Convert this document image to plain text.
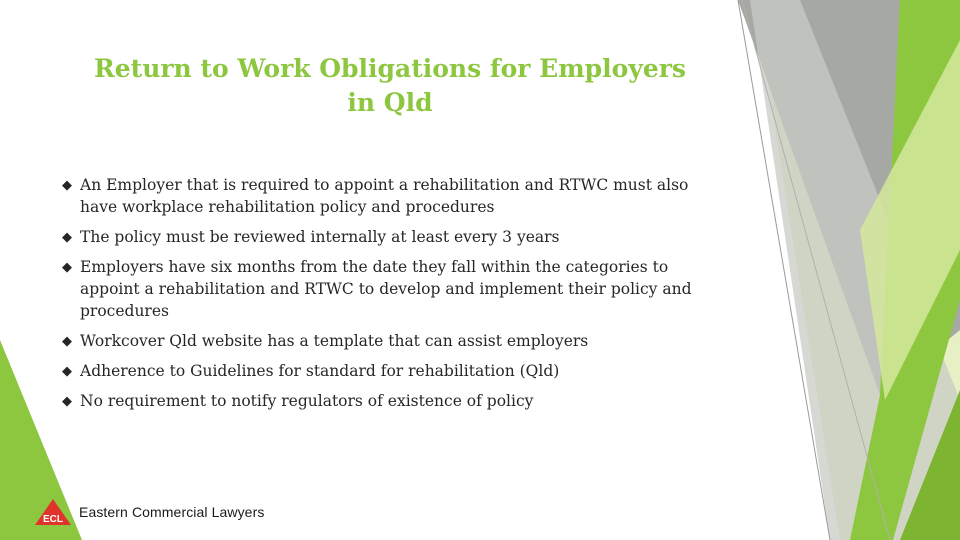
Return to Work Obligations for Employers
in Qld
◆ An Employer that is required to appoint a rehabilitation and RTWC must also have workplace rehabilitation policy and procedures
◆ The policy must be reviewed internally at least every 3 years
◆ Employers have six months from the date they fall within the categories to appoint a rehabilitation and RTWC to develop and implement their policy and procedures
◆ Workcover Qld website has a template that can assist employers
◆ Adherence to Guidelines for standard for rehabilitation (Qld)
◆ No requirement to notify regulators of existence of policy
ECL Eastern Commercial Lawyers
